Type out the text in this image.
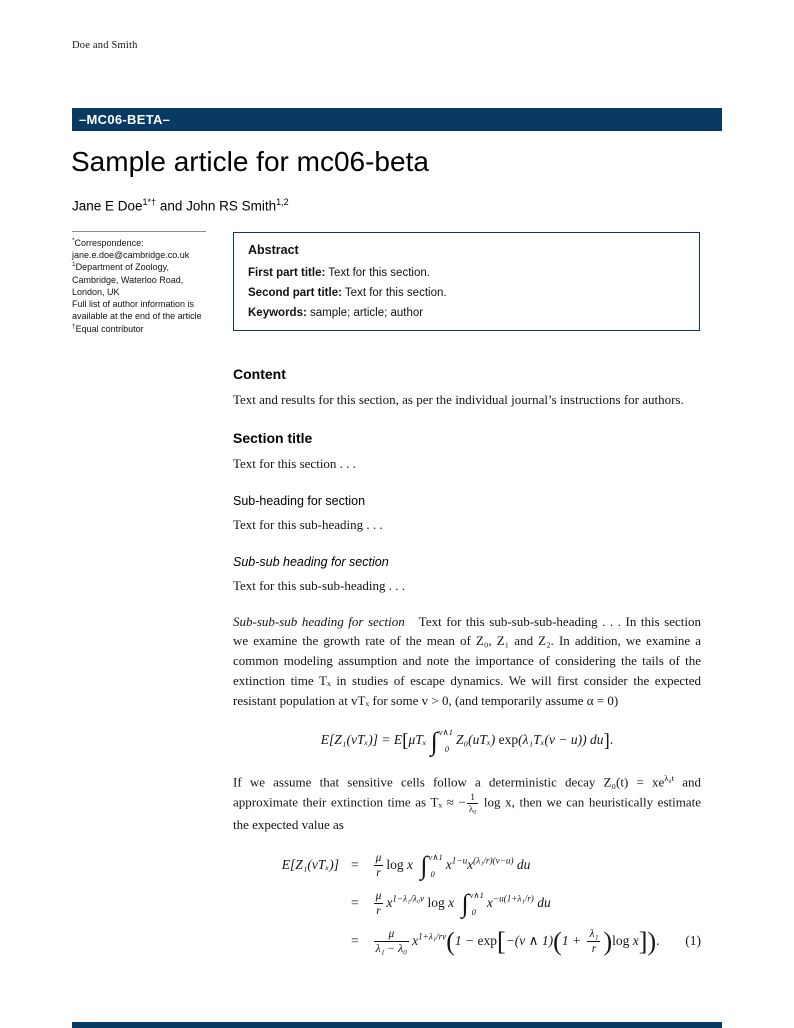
Doe and Smith
–MC06-BETA–
Sample article for mc06-beta
Jane E Doe$^{1*\dagger}$ and John RS Smith$^{1,2}$
*Correspondence:
jane.e.doe@cambridge.co.uk
$^1$Department of Zoology, Cambridge, Waterloo Road, London, UK
Full list of author information is available at the end of the article
†Equal contributor
Abstract

First part title: Text for this section.

Second part title: Text for this section.

Keywords: sample; article; author

Content

Text and results for this section, as per the individual journal’s instructions for authors.

Section title

Text for this section . . .

Sub-heading for section

Text for this sub-heading . . .

Sub-sub heading for section

Text for this sub-sub-heading . . .

Sub-sub-sub heading for section Text for this sub-sub-sub-heading . . . In this section we examine the growth rate of the mean of Z₀, Z₁ and Z₂. In addition, we examine a common modeling assumption and note the importance of considering the tails of the extinction time Tₓ in studies of escape dynamics. We will first consider the expected resistant population at vTₓ for some v > 0, (and temporarily assume α = 0)

E[Z₁(vTₓ)] = E[μTₓ ∫ v∧1
0
Z₀(uTₓ) exp(λ₁Tₓ(v − u)) du].

If we assume that sensitive cells follow a deterministic decay $Z_0(t) = xe^{\lambda_0t}$ and approximate their extinction time as Tₓ ≈ − $\frac{1}{\text{λ₀}}$ log x, then we can heuristically estimate the expected value as

$E[Z_1(vT_x)] = \frac{\mu}{r}$ log x ∫ v∧1
0
$x^{1-u}x^{(\lambda_1/r)(v-u)}$ du
= $\frac{\mu}{r} x^{1-\lambda_1/\lambda_0v}$ log x ∫ v∧1
0
$x^{-u(1+\lambda_1/r)}$ du
= $\frac{\mu}{\text{λ₁ − λ₀}} x^{1+\lambda_1/rv}(1 - \exp[-(v$ ∧ $1)(1 + \frac{\text{λ₁}}{r} )\log$ x]). (1)
